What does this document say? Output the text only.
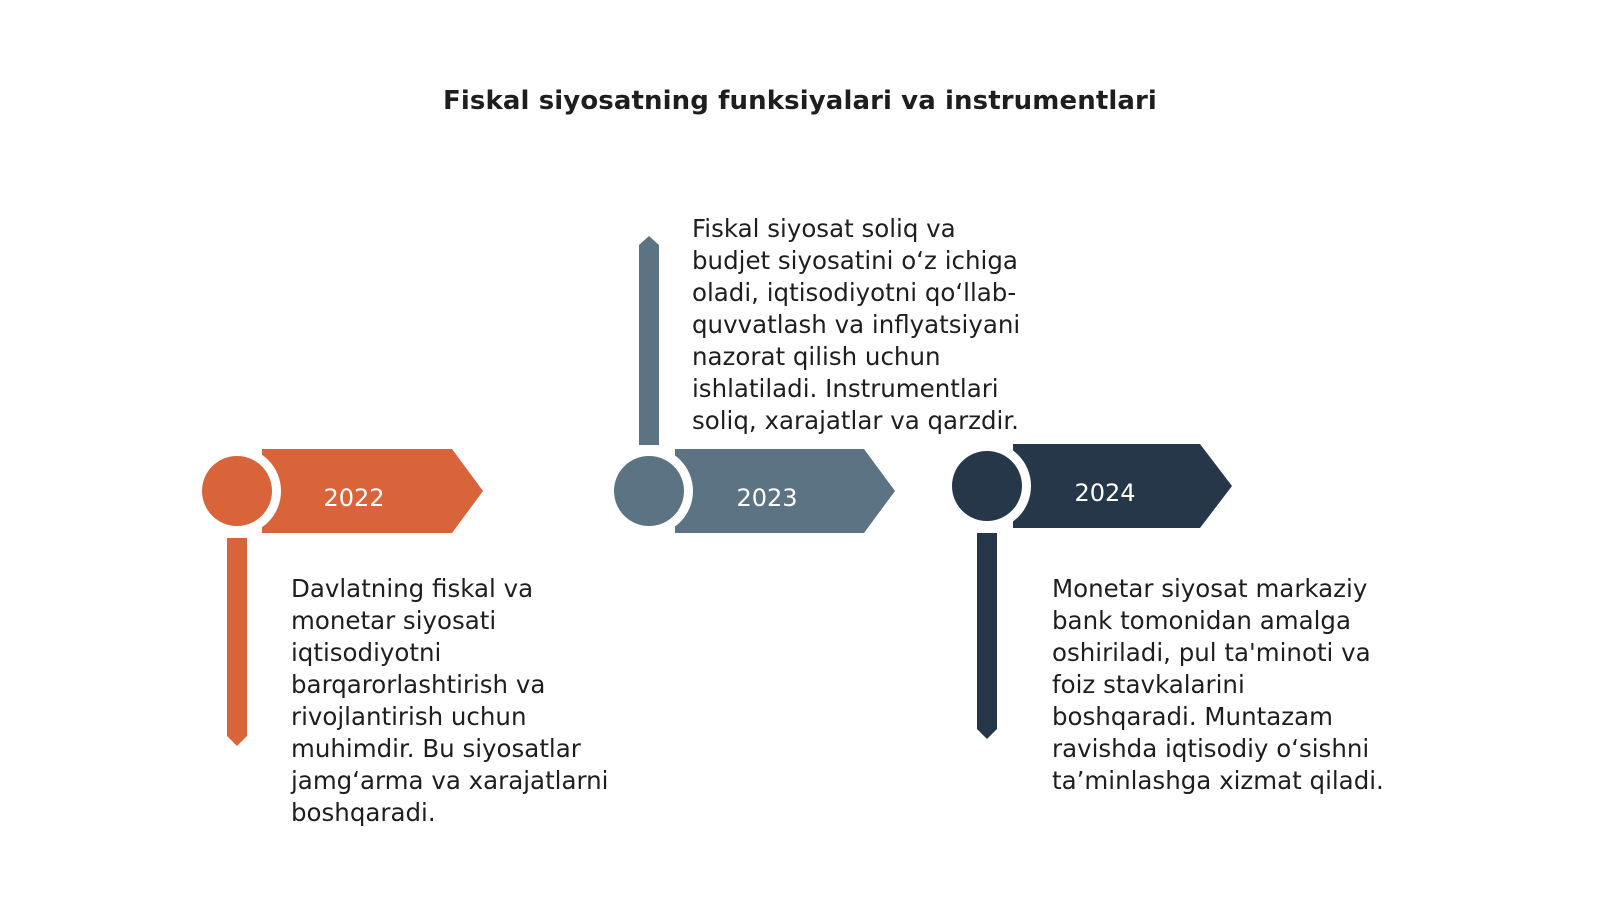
Fiskal siyosatning funksiyalari va instrumentlari
2022	2023	2024
Davlatning fiskal va
monetar siyosati
iqtisodiyotni
barqarorlashtirish va
rivojlantirish uchun
muhimdir. Bu siyosatlar
jamg‘arma va xarajatlarni
boshqaradi.
Fiskal siyosat soliq va
budjet siyosatini o‘z ichiga
oladi, iqtisodiyotni qo‘llab-
quvvatlash va inflyatsiyani
nazorat qilish uchun
ishlatiladi. Instrumentlari
soliq, xarajatlar va qarzdir.
Monetar siyosat markaziy
bank tomonidan amalga
oshiriladi, pul ta'minoti va
foiz stavkalarini
boshqaradi. Muntazam
ravishda iqtisodiy o‘sishni
ta’minlashga xizmat qiladi.
